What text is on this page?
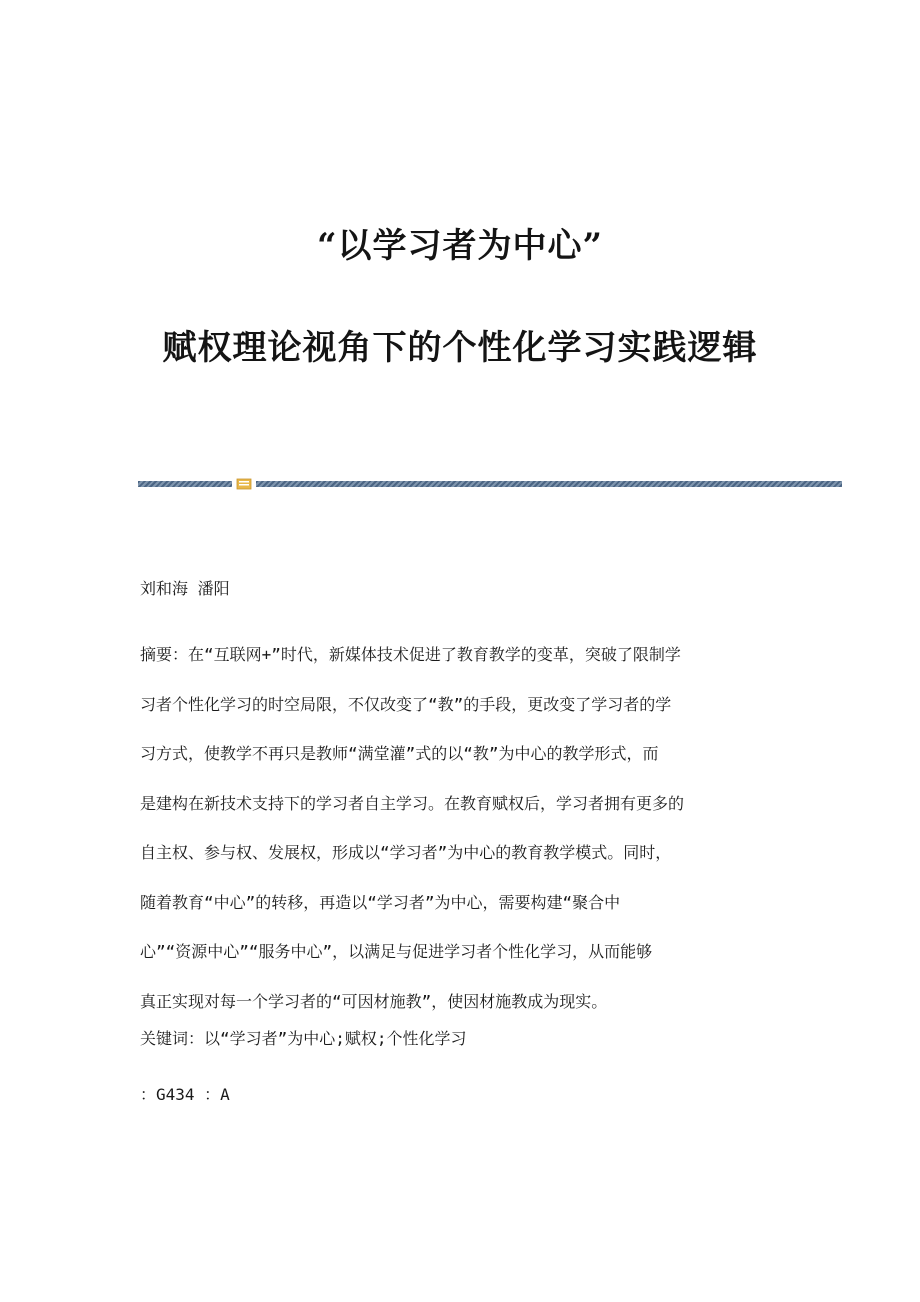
“以学习者为中心”
赋权理论视角下的个性化学习实践逻辑
刘和海 潘阳
摘要：在“互联网+”时代，新媒体技术促进了教育教学的变革，突破了限制学
习者个性化学习的时空局限，不仅改变了“教”的手段，更改变了学习者的学
习方式，使教学不再只是教师“满堂灌”式的以“教”为中心的教学形式，而
是建构在新技术支持下的学习者自主学习。在教育赋权后，学习者拥有更多的
自主权、参与权、发展权，形成以“学习者”为中心的教育教学模式。同时，
随着教育“中心”的转移，再造以“学习者”为中心，需要构建“聚合中
心”“资源中心”“服务中心”，以满足与促进学习者个性化学习，从而能够
真正实现对每一个学习者的“可因材施教”，使因材施教成为现实。
关键词：以“学习者”为中心;赋权;个性化学习
：G434 ：A
